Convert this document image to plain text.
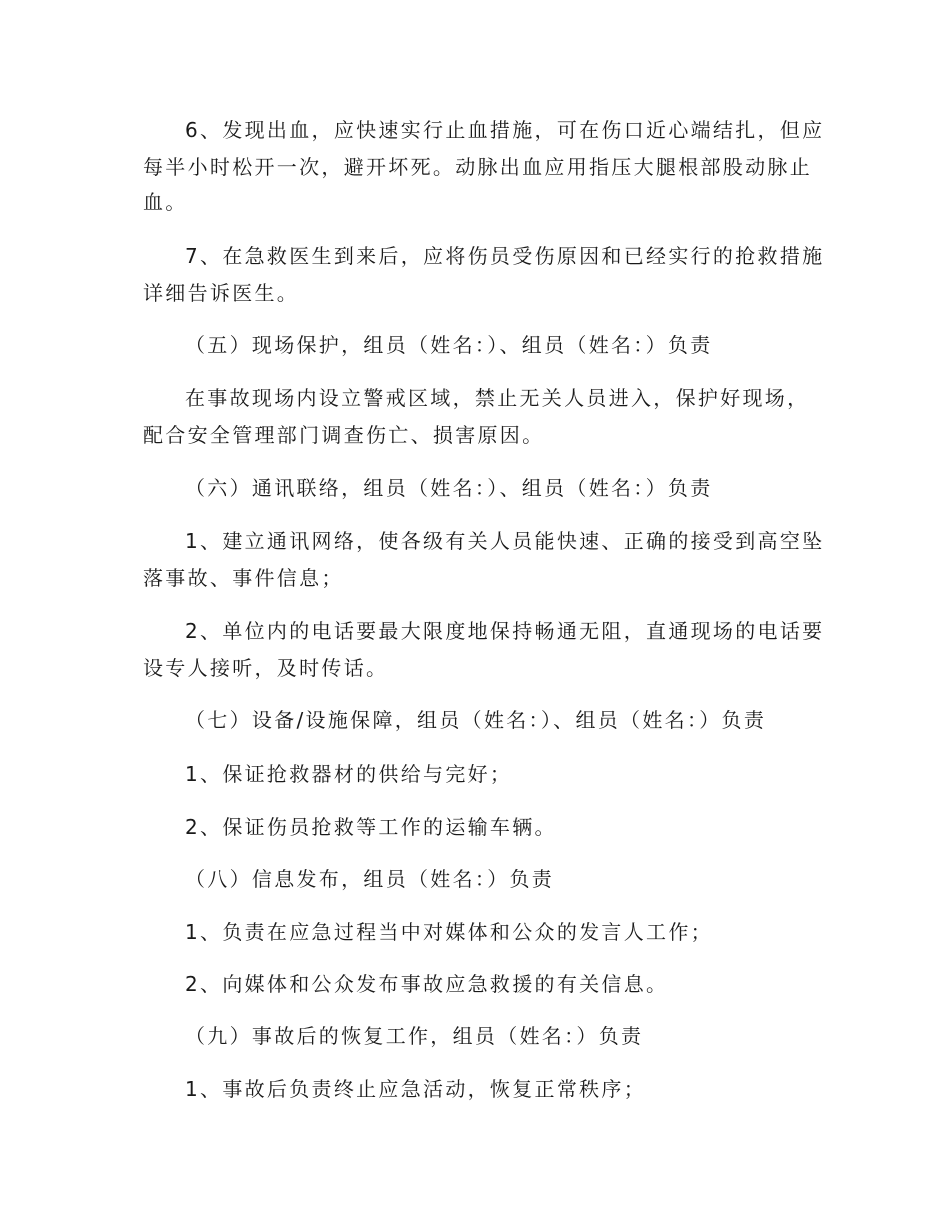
6、发现出血，应快速实行止血措施，可在伤口近心端结扎，但应
每半小时松开一次，避开坏死。动脉出血应用指压大腿根部股动脉止
血。
7、在急救医生到来后，应将伤员受伤原因和已经实行的抢救措施
详细告诉医生。
（五）现场保护，组员（姓名：）、组员（姓名：）负责
在事故现场内设立警戒区域，禁止无关人员进入，保护好现场，
配合安全管理部门调查伤亡、损害原因。
（六）通讯联络，组员（姓名：）、组员（姓名：）负责
1、建立通讯网络，使各级有关人员能快速、正确的接受到高空坠
落事故、事件信息；
2、单位内的电话要最大限度地保持畅通无阻，直通现场的电话要
设专人接听，及时传话。
（七）设备/设施保障，组员（姓名：）、组员（姓名：）负责
1、保证抢救器材的供给与完好；
2、保证伤员抢救等工作的运输车辆。
（八）信息发布，组员（姓名：）负责
1、负责在应急过程当中对媒体和公众的发言人工作；
2、向媒体和公众发布事故应急救援的有关信息。
（九）事故后的恢复工作，组员（姓名：）负责
1、事故后负责终止应急活动，恢复正常秩序；
